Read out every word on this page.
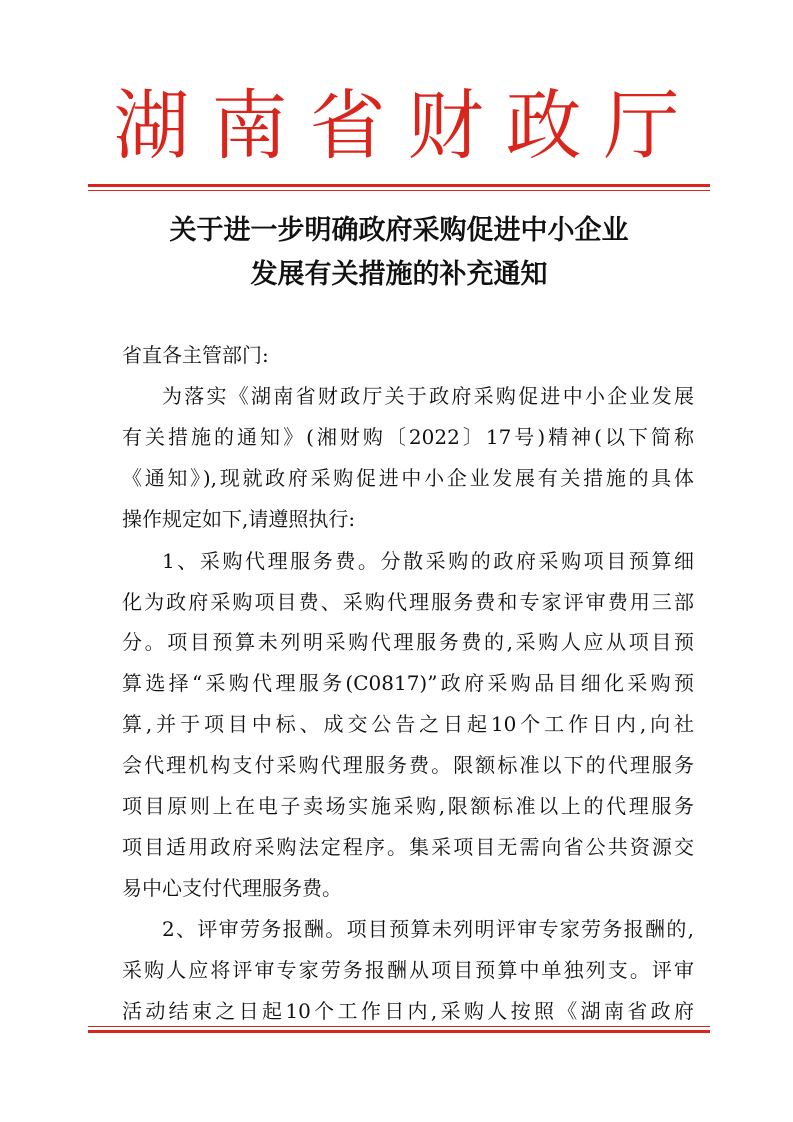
湖南省财政厅
关于进一步明确政府采购促进中小企业
发展有关措施的补充通知
省直各主管部门:
为落实《湖南省财政厅关于政府采购促进中小企业发展
有关措施的通知》(湘财购〔2022〕17号)精神(以下简称
《通知》),现就政府采购促进中小企业发展有关措施的具体
操作规定如下,请遵照执行:
1、采购代理服务费。分散采购的政府采购项目预算细
化为政府采购项目费、采购代理服务费和专家评审费用三部
分。项目预算未列明采购代理服务费的,采购人应从项目预
算选择“采购代理服务(C0817)”政府采购品目细化采购预
算,并于项目中标、成交公告之日起10个工作日内,向社
会代理机构支付采购代理服务费。限额标准以下的代理服务
项目原则上在电子卖场实施采购,限额标准以上的代理服务
项目适用政府采购法定程序。集采项目无需向省公共资源交
易中心支付代理服务费。
2、评审劳务报酬。项目预算未列明评审专家劳务报酬的,
采购人应将评审专家劳务报酬从项目预算中单独列支。评审
活动结束之日起10个工作日内,采购人按照《湖南省政府
